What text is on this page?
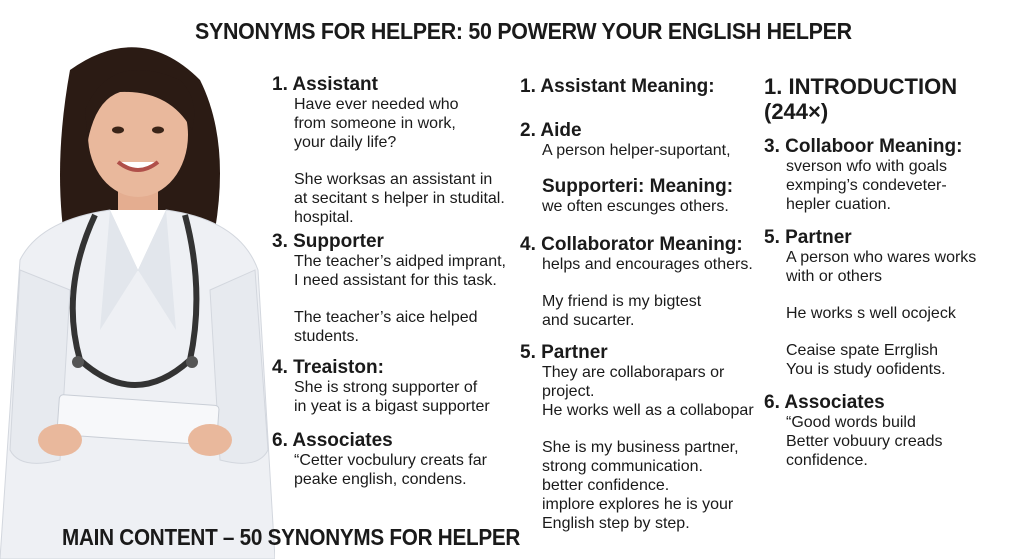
SYNONYMS FOR HELPER: 50 POWERW YOUR ENGLISH HELPER

1. Assistant

Have ever needed who
from someone in work,
your daily life?

She worksas an assistant in
at secitant s helper in studital.
hospital.

3. Supporter

The teacher’s aidped imprant,
I need assistant for this task.

The teacher’s aice helped
students.

4. Treaiston:

She is strong supporter of
in yeat is a bigast supporter

6. Associates

“Cetter vocbulury creats far
peake english, condens.

1. Assistant Meaning:

2. Aide

A person helper-suportant,

Supporteri: Meaning:

we often escunges others.

4. Collaborator Meaning:

helps and encourages others.

My friend is my bigtest
and sucarter.

5. Partner

They are collaborapars or project.
He works well as a collabopar

She is my business partner,
strong communication.
better confidence.
implore explores he is your
English step by step.

1. INTRODUCTION
(244×)

3. Collaboor Meaning:

sverson wfo with goals
exmping’s condeveter-
hepler cuation.

5. Partner

A person who wares works
with or others

He works s well ocojeck

Ceaise spate Errglish
You is study oofidents.

6. Associates

“Good words build
Better vobuury creads
confidence.

MAIN CONTENT – 50 SYNONYMS FOR HELPER
